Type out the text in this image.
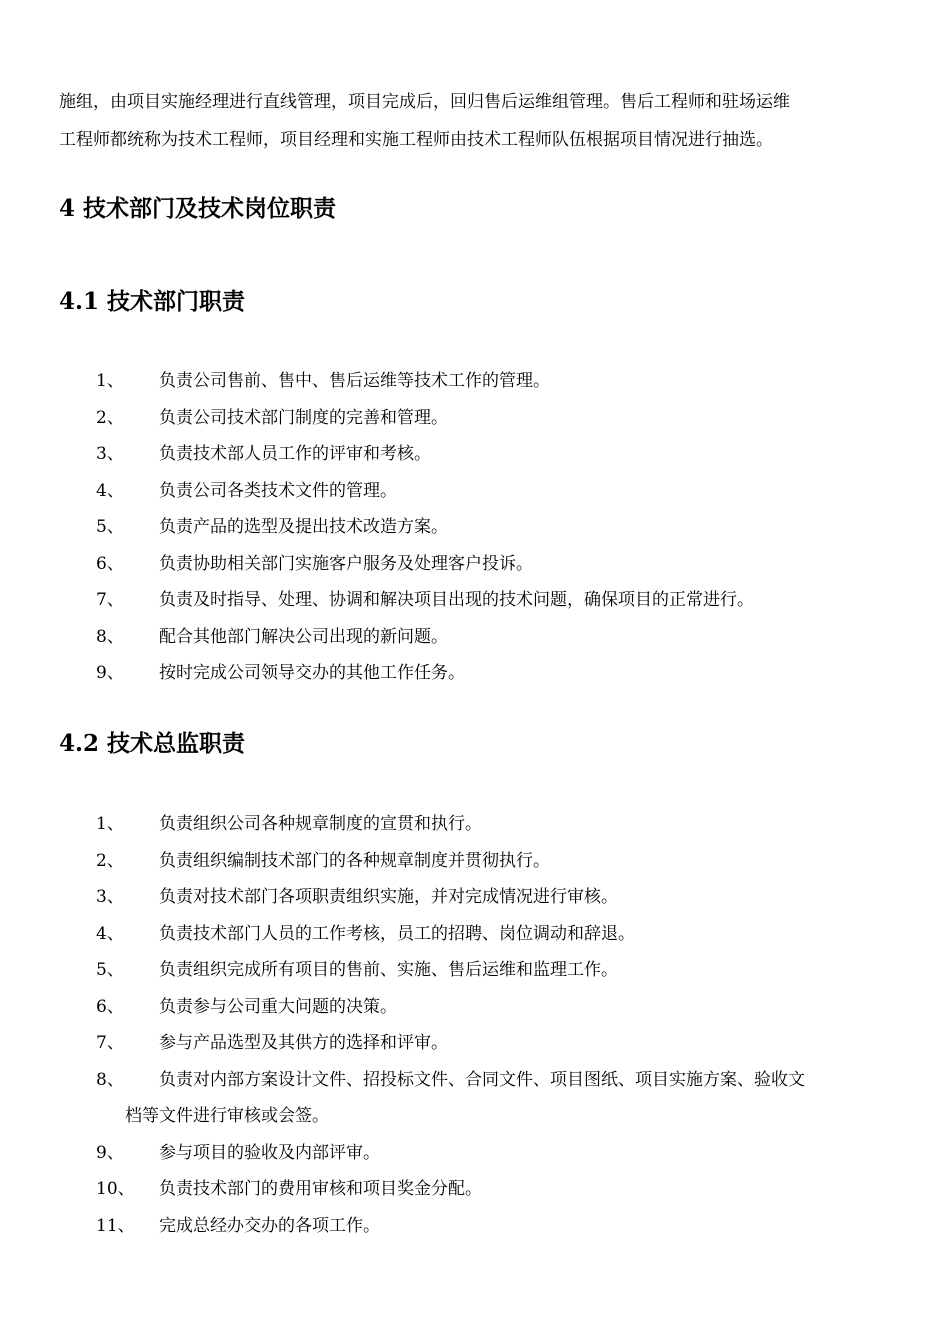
施组，由项目实施经理进行直线管理，项目完成后，回归售后运维组管理。售后工程师和驻场运维
工程师都统称为技术工程师，项目经理和实施工程师由技术工程师队伍根据项目情况进行抽选。
4 技术部门及技术岗位职责
4.1 技术部门职责
1、 负责公司售前、售中、售后运维等技术工作的管理。
2、 负责公司技术部门制度的完善和管理。
3、 负责技术部人员工作的评审和考核。
4、 负责公司各类技术文件的管理。
5、 负责产品的选型及提出技术改造方案。
6、 负责协助相关部门实施客户服务及处理客户投诉。
7、 负责及时指导、处理、协调和解决项目出现的技术问题，确保项目的正常进行。
8、 配合其他部门解决公司出现的新问题。
9、 按时完成公司领导交办的其他工作任务。
4.2 技术总监职责
1、 负责组织公司各种规章制度的宣贯和执行。
2、 负责组织编制技术部门的各种规章制度并贯彻执行。
3、 负责对技术部门各项职责组织实施，并对完成情况进行审核。
4、 负责技术部门人员的工作考核，员工的招聘、岗位调动和辞退。
5、 负责组织完成所有项目的售前、实施、售后运维和监理工作。
6、 负责参与公司重大问题的决策。
7、 参与产品选型及其供方的选择和评审。
8、 负责对内部方案设计文件、招投标文件、合同文件、项目图纸、项目实施方案、验收文
档等文件进行审核或会签。
9、 参与项目的验收及内部评审。
10、 负责技术部门的费用审核和项目奖金分配。
11、 完成总经办交办的各项工作。
